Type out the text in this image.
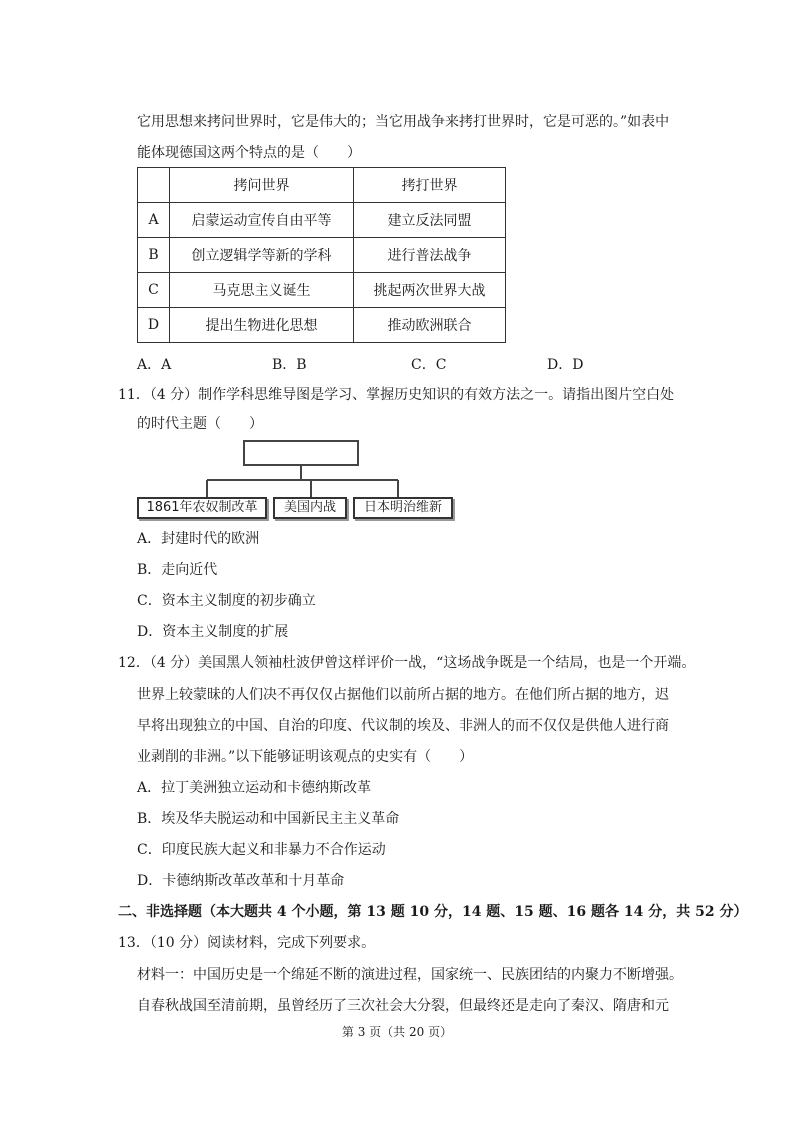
它用思想来拷问世界时，它是伟大的；当它用战争来拷打世界时，它是可恶的。”如表中
能体现德国这两个特点的是（　　）
	拷问世界	拷打世界
A	启蒙运动宣传自由平等	建立反法同盟
B	创立逻辑学等新的学科	进行普法战争
C	马克思主义诞生	挑起两次世界大战
D	提出生物进化思想	推动欧洲联合
A．A	B．B	C．C	D．D
11．（4 分）制作学科思维导图是学习、掌握历史知识的有效方法之一。请指出图片空白处
的时代主题（　　）
1861年农奴制改革	美国内战	日本明治维新
A．封建时代的欧洲
B．走向近代
C．资本主义制度的初步确立
D．资本主义制度的扩展
12．（4 分）美国黑人领袖杜波伊曾这样评价一战，“这场战争既是一个结局，也是一个开端。
世界上较蒙昧的人们决不再仅仅占据他们以前所占据的地方。在他们所占据的地方，迟
早将出现独立的中国、自治的印度、代议制的埃及、非洲人的而不仅仅是供他人进行商
业剥削的非洲。”以下能够证明该观点的史实有（　　）
A．拉丁美洲独立运动和卡德纳斯改革
B．埃及华夫脱运动和中国新民主主义革命
C．印度民族大起义和非暴力不合作运动
D．卡德纳斯改革改革和十月革命
二、非选择题（本大题共 4 个小题，第 13 题 10 分，14 题、15 题、16 题各 14 分，共 52 分）
13．（10 分）阅读材料，完成下列要求。
材料一：中国历史是一个绵延不断的演进过程，国家统一、民族团结的内聚力不断增强。
自春秋战国至清前期，虽曾经历了三次社会大分裂，但最终还是走向了秦汉、隋唐和元
第 3 页（共 20 页）
